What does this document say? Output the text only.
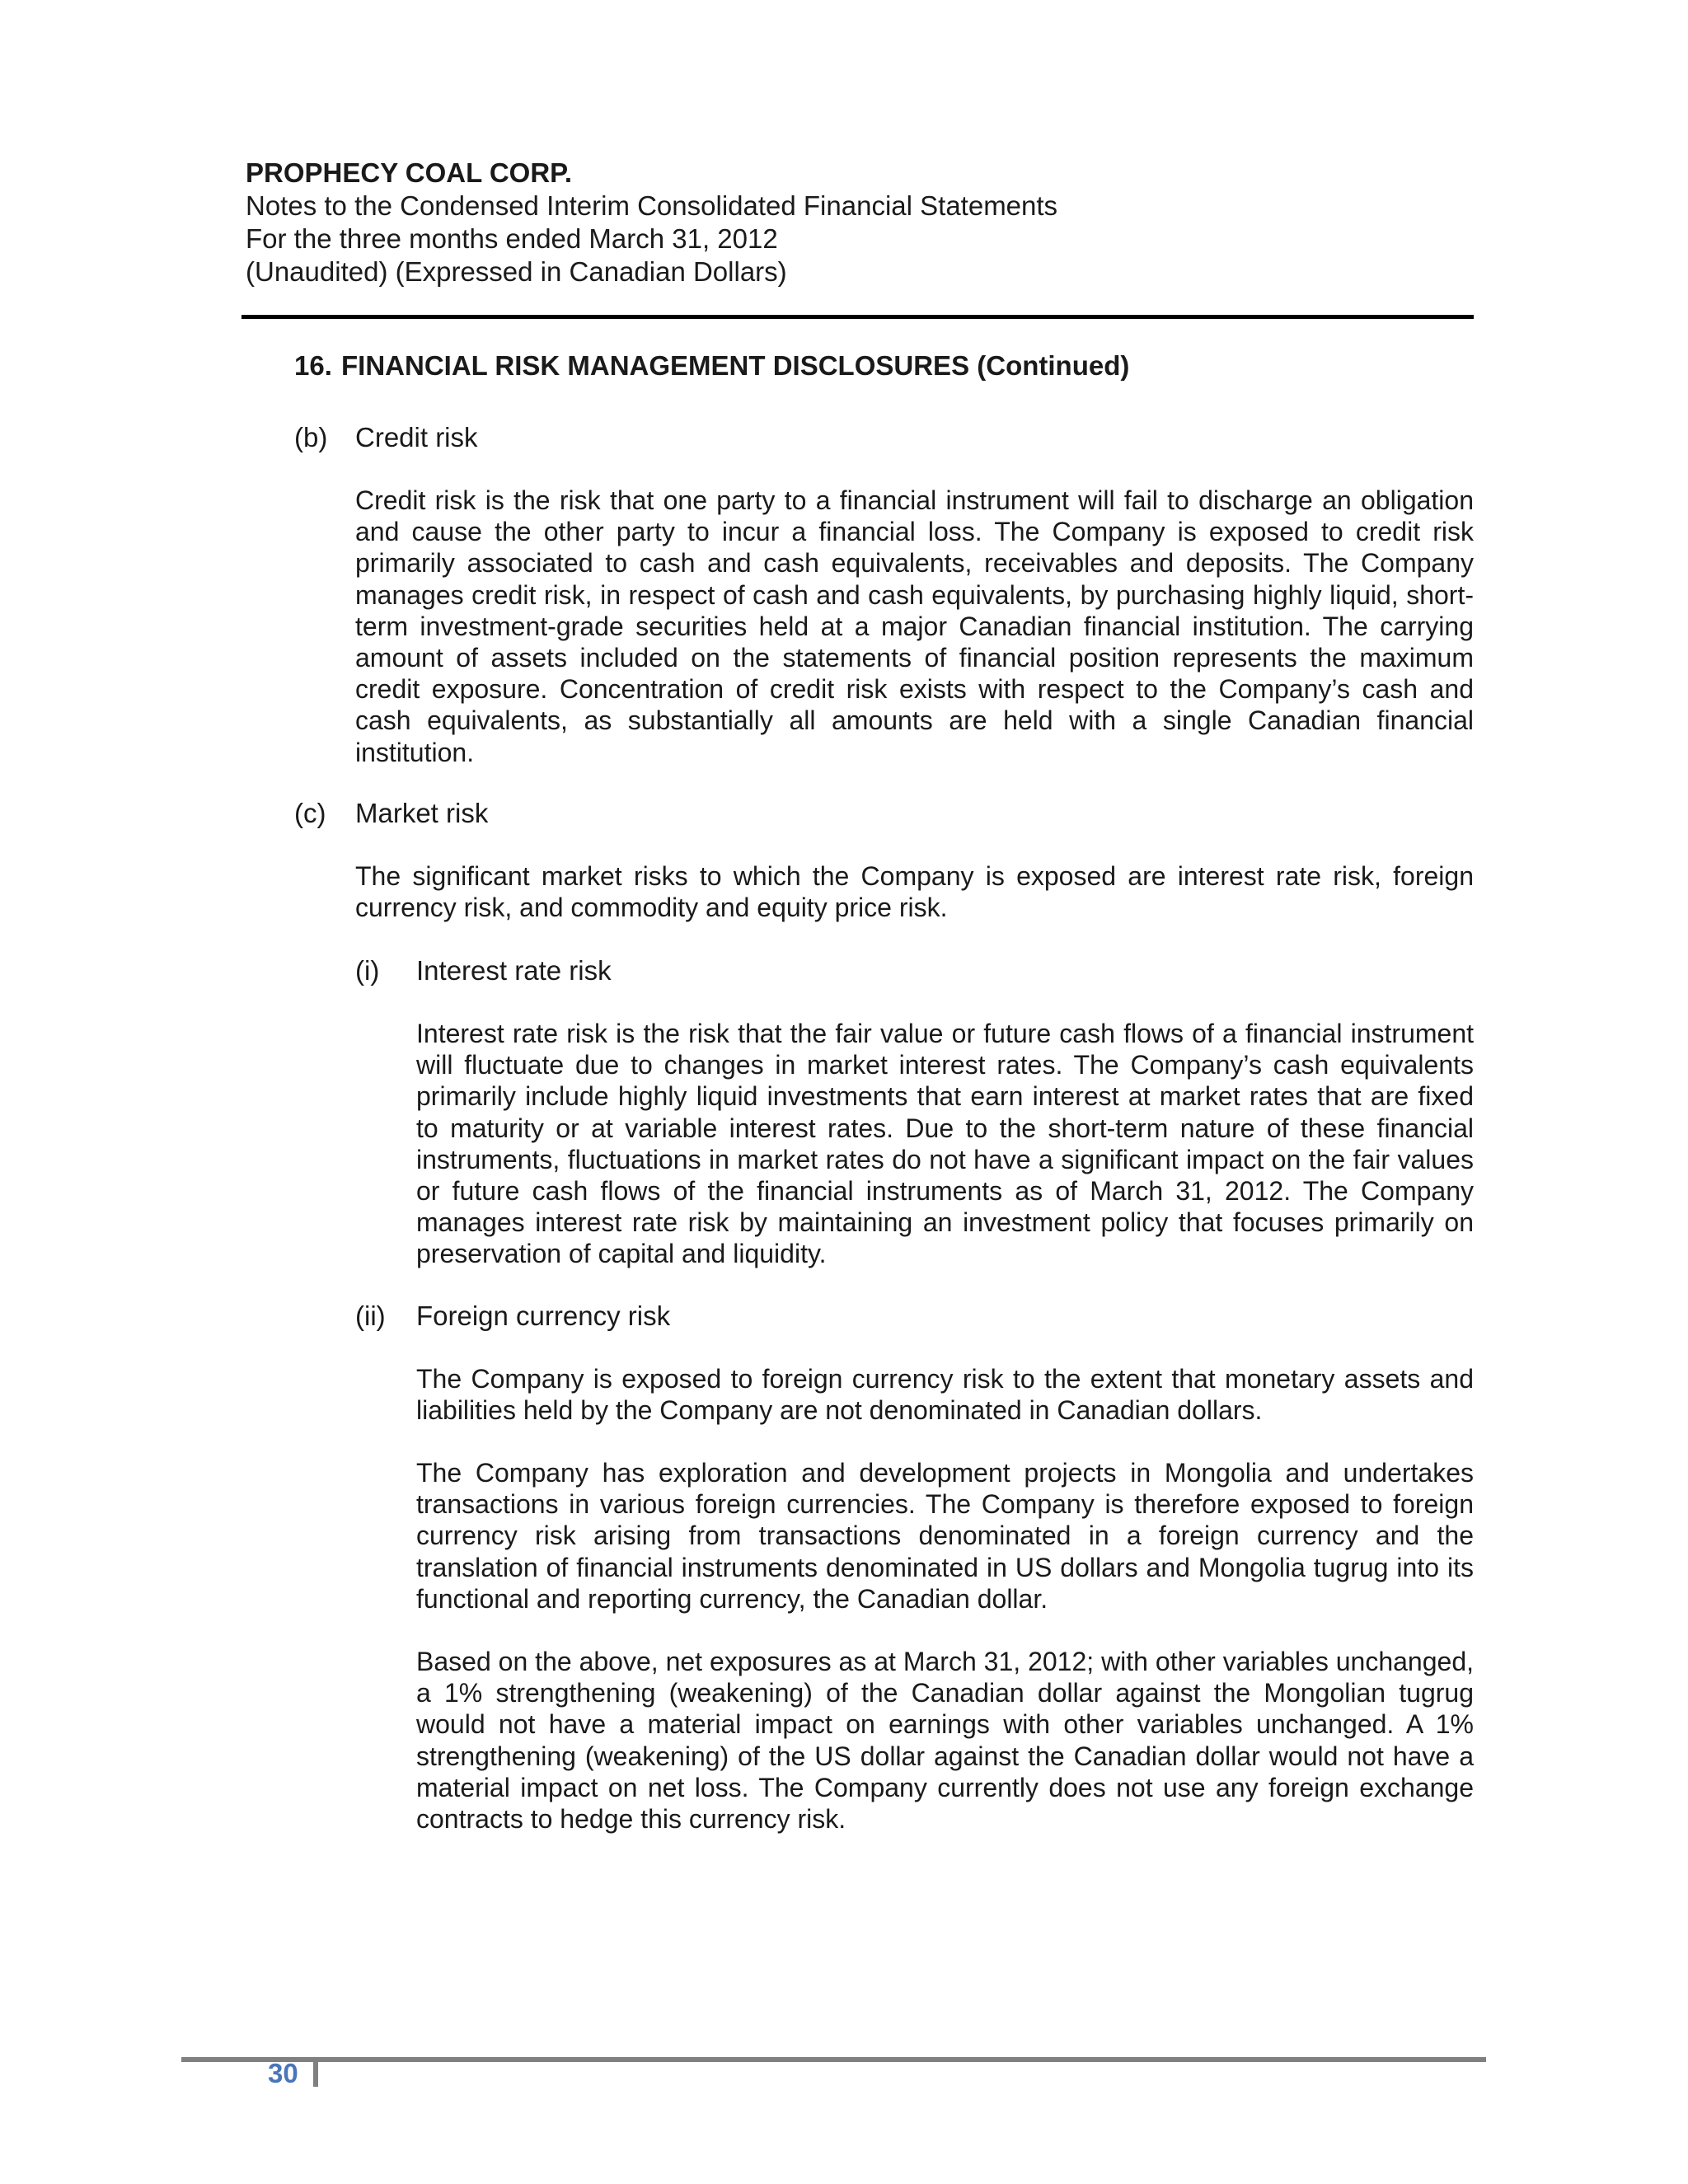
PROPHECY COAL CORP.
Notes to the Condensed Interim Consolidated Financial Statements
For the three months ended March 31, 2012
(Unaudited) (Expressed in Canadian Dollars)
16. FINANCIAL RISK MANAGEMENT DISCLOSURES (Continued)
(b) Credit risk
Credit risk is the risk that one party to a financial instrument will fail to discharge an obligation and cause the other party to incur a financial loss. The Company is exposed to credit risk primarily associated to cash and cash equivalents, receivables and deposits. The Company manages credit risk, in respect of cash and cash equivalents, by purchasing highly liquid, short-term investment-grade securities held at a major Canadian financial institution. The carrying amount of assets included on the statements of financial position represents the maximum credit exposure. Concentration of credit risk exists with respect to the Company’s cash and cash equivalents, as substantially all amounts are held with a single Canadian financial institution.
(c) Market risk
The significant market risks to which the Company is exposed are interest rate risk, foreign currency risk, and commodity and equity price risk.
(i) Interest rate risk
Interest rate risk is the risk that the fair value or future cash flows of a financial instrument will fluctuate due to changes in market interest rates. The Company’s cash equivalents primarily include highly liquid investments that earn interest at market rates that are fixed to maturity or at variable interest rates. Due to the short-term nature of these financial instruments, fluctuations in market rates do not have a significant impact on the fair values or future cash flows of the financial instruments as of March 31, 2012. The Company manages interest rate risk by maintaining an investment policy that focuses primarily on preservation of capital and liquidity.
(ii) Foreign currency risk
The Company is exposed to foreign currency risk to the extent that monetary assets and liabilities held by the Company are not denominated in Canadian dollars.
The Company has exploration and development projects in Mongolia and undertakes transactions in various foreign currencies. The Company is therefore exposed to foreign currency risk arising from transactions denominated in a foreign currency and the translation of financial instruments denominated in US dollars and Mongolia tugrug into its functional and reporting currency, the Canadian dollar.
Based on the above, net exposures as at March 31, 2012; with other variables unchanged, a 1% strengthening (weakening) of the Canadian dollar against the Mongolian tugrug would not have a material impact on earnings with other variables unchanged. A 1% strengthening (weakening) of the US dollar against the Canadian dollar would not have a material impact on net loss. The Company currently does not use any foreign exchange contracts to hedge this currency risk.
30
